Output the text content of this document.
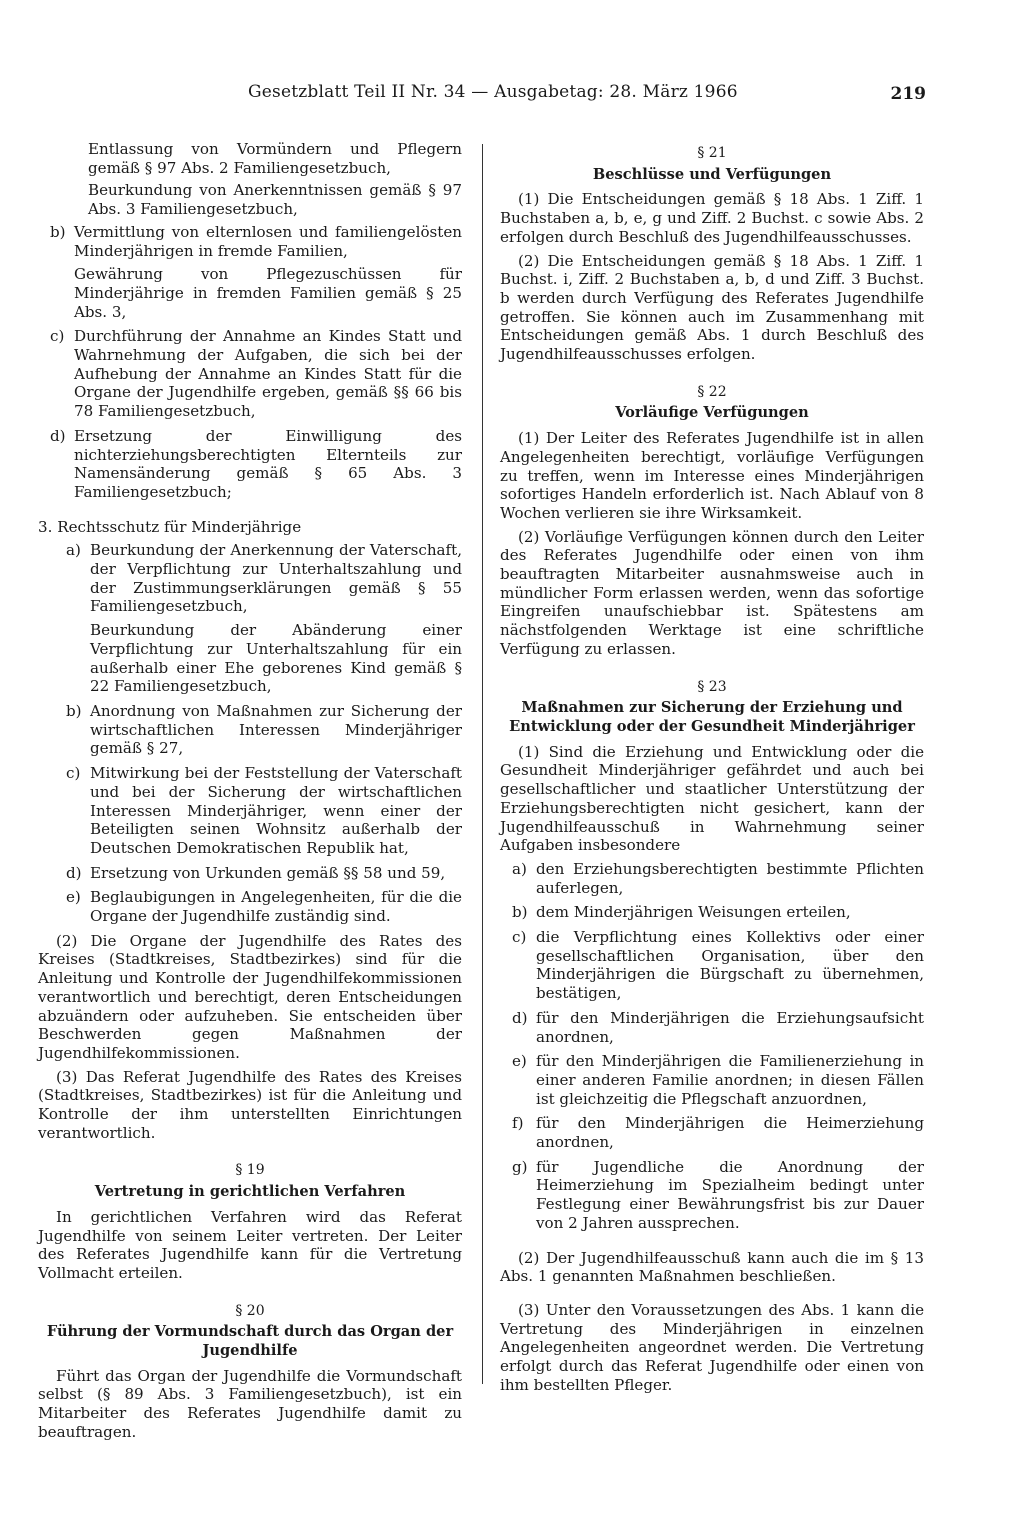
Gesetzblatt Teil II Nr. 34 — Ausgabetag: 28. März 1966	219

Entlassung von Vormündern und Pflegern gemäß § 97 Abs. 2 Familiengesetzbuch,

Beurkundung von Anerkenntnissen gemäß § 97 Abs. 3 Familiengesetzbuch,

b) Vermittlung von elternlosen und familiengelösten Minderjährigen in fremde Familien,

Gewährung von Pflegezuschüssen für Minderjährige in fremden Familien gemäß § 25 Abs. 3,

c) Durchführung der Annahme an Kindes Statt und Wahrnehmung der Aufgaben, die sich bei der Aufhebung der Annahme an Kindes Statt für die Organe der Jugendhilfe ergeben, gemäß §§ 66 bis 78 Familiengesetzbuch,

d) Ersetzung der Einwilligung des nichterziehungsberechtigten Elternteils zur Namensänderung gemäß § 65 Abs. 3 Familiengesetzbuch;

3. Rechtsschutz für Minderjährige

a) Beurkundung der Anerkennung der Vaterschaft, der Verpflichtung zur Unterhaltszahlung und der Zustimmungserklärungen gemäß § 55 Familiengesetzbuch,

Beurkundung der Abänderung einer Verpflichtung zur Unterhaltszahlung für ein außerhalb einer Ehe geborenes Kind gemäß § 22 Familiengesetzbuch,

b) Anordnung von Maßnahmen zur Sicherung der wirtschaftlichen Interessen Minderjähriger gemäß § 27,

c) Mitwirkung bei der Feststellung der Vaterschaft und bei der Sicherung der wirtschaftlichen Interessen Minderjähriger, wenn einer der Beteiligten seinen Wohnsitz außerhalb der Deutschen Demokratischen Republik hat,

d) Ersetzung von Urkunden gemäß §§ 58 und 59,

e) Beglaubigungen in Angelegenheiten, für die die Organe der Jugendhilfe zuständig sind.

(2) Die Organe der Jugendhilfe des Rates des Kreises (Stadtkreises, Stadtbezirkes) sind für die Anleitung und Kontrolle der Jugendhilfekommissionen verantwortlich und berechtigt, deren Entscheidungen abzuändern oder aufzuheben. Sie entscheiden über Beschwerden gegen Maßnahmen der Jugendhilfekommissionen.

(3) Das Referat Jugendhilfe des Rates des Kreises (Stadtkreises, Stadtbezirkes) ist für die Anleitung und Kontrolle der ihm unterstellten Einrichtungen verantwortlich.

§ 19
Vertretung in gerichtlichen Verfahren

In gerichtlichen Verfahren wird das Referat Jugendhilfe von seinem Leiter vertreten. Der Leiter des Referates Jugendhilfe kann für die Vertretung Vollmacht erteilen.

§ 20
Führung der Vormundschaft durch das Organ der Jugendhilfe

Führt das Organ der Jugendhilfe die Vormundschaft selbst (§ 89 Abs. 3 Familiengesetzbuch), ist ein Mitarbeiter des Referates Jugendhilfe damit zu beauftragen.

§ 21
Beschlüsse und Verfügungen

(1) Die Entscheidungen gemäß § 18 Abs. 1 Ziff. 1 Buchstaben a, b, e, g und Ziff. 2 Buchst. c sowie Abs. 2 erfolgen durch Beschluß des Jugendhilfeausschusses.

(2) Die Entscheidungen gemäß § 18 Abs. 1 Ziff. 1 Buchst. i, Ziff. 2 Buchstaben a, b, d und Ziff. 3 Buchst. b werden durch Verfügung des Referates Jugendhilfe getroffen. Sie können auch im Zusammenhang mit Entscheidungen gemäß Abs. 1 durch Beschluß des Jugendhilfeausschusses erfolgen.

§ 22
Vorläufige Verfügungen

(1) Der Leiter des Referates Jugendhilfe ist in allen Angelegenheiten berechtigt, vorläufige Verfügungen zu treffen, wenn im Interesse eines Minderjährigen sofortiges Handeln erforderlich ist. Nach Ablauf von 8 Wochen verlieren sie ihre Wirksamkeit.

(2) Vorläufige Verfügungen können durch den Leiter des Referates Jugendhilfe oder einen von ihm beauftragten Mitarbeiter ausnahmsweise auch in mündlicher Form erlassen werden, wenn das sofortige Eingreifen unaufschiebbar ist. Spätestens am nächstfolgenden Werktage ist eine schriftliche Verfügung zu erlassen.

§ 23
Maßnahmen zur Sicherung der Erziehung und Entwicklung oder der Gesundheit Minderjähriger

(1) Sind die Erziehung und Entwicklung oder die Gesundheit Minderjähriger gefährdet und auch bei gesellschaftlicher und staatlicher Unterstützung der Erziehungsberechtigten nicht gesichert, kann der Jugendhilfeausschuß in Wahrnehmung seiner Aufgaben insbesondere

a) den Erziehungsberechtigten bestimmte Pflichten auferlegen,

b) dem Minderjährigen Weisungen erteilen,

c) die Verpflichtung eines Kollektivs oder einer gesellschaftlichen Organisation, über den Minderjährigen die Bürgschaft zu übernehmen, bestätigen,

d) für den Minderjährigen die Erziehungsaufsicht anordnen,

e) für den Minderjährigen die Familienerziehung in einer anderen Familie anordnen; in diesen Fällen ist gleichzeitig die Pflegschaft anzuordnen,

f) für den Minderjährigen die Heimerziehung anordnen,

g) für Jugendliche die Anordnung der Heimerziehung im Spezialheim bedingt unter Festlegung einer Bewährungsfrist bis zur Dauer von 2 Jahren aussprechen.

(2) Der Jugendhilfeausschuß kann auch die im § 13 Abs. 1 genannten Maßnahmen beschließen.

(3) Unter den Voraussetzungen des Abs. 1 kann die Vertretung des Minderjährigen in einzelnen Angelegenheiten angeordnet werden. Die Vertretung erfolgt durch das Referat Jugendhilfe oder einen von ihm bestellten Pfleger.
